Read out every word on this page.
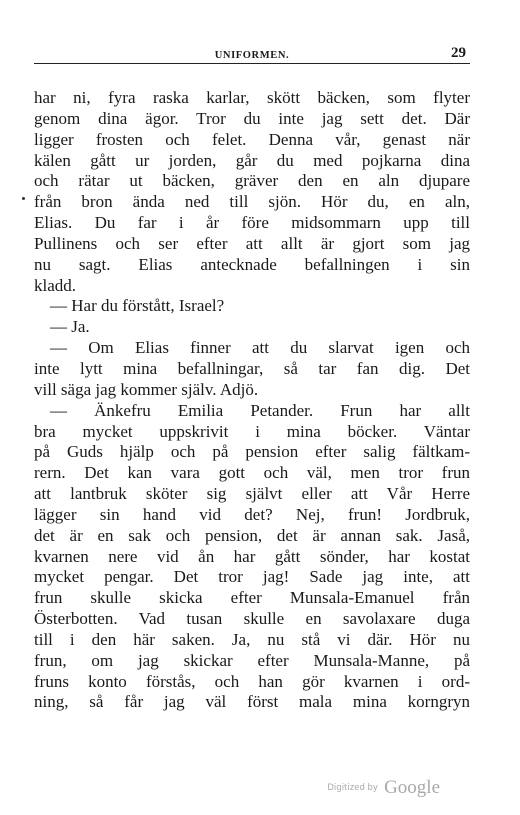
UNIFORMEN.	29
har ni, fyra raska karlar, skött bäcken, som flyter
genom dina ägor. Tror du inte jag sett det. Där
ligger frosten och felet. Denna vår, genast när
kälen gått ur jorden, går du med pojkarna dina
och rätar ut bäcken, gräver den en aln djupare
från bron ända ned till sjön. Hör du, en aln,
Elias. Du far i år före midsommarn upp till
Pullinens och ser efter att allt är gjort som jag
nu sagt. Elias antecknade befallningen i sin
kladd.
— Har du förstått, Israel?
— Ja.
— Om Elias finner att du slarvat igen och
inte lytt mina befallningar, så tar fan dig. Det
vill säga jag kommer själv. Adjö.
— Änkefru Emilia Petander. Frun har allt
bra mycket uppskrivit i mina böcker. Väntar
på Guds hjälp och på pension efter salig fältkam-
rern. Det kan vara gott och väl, men tror frun
att lantbruk sköter sig självt eller att Vår Herre
lägger sin hand vid det? Nej, frun! Jordbruk,
det är en sak och pension, det är annan sak. Jaså,
kvarnen nere vid ån har gått sönder, har kostat
mycket pengar. Det tror jag! Sade jag inte, att
frun skulle skicka efter Munsala-Emanuel från
Österbotten. Vad tusan skulle en savolaxare duga
till i den här saken. Ja, nu stå vi där. Hör nu
frun, om jag skickar efter Munsala-Manne, på
fruns konto förstås, och han gör kvarnen i ord-
ning, så får jag väl först mala mina korngryn
Digitized by Google
